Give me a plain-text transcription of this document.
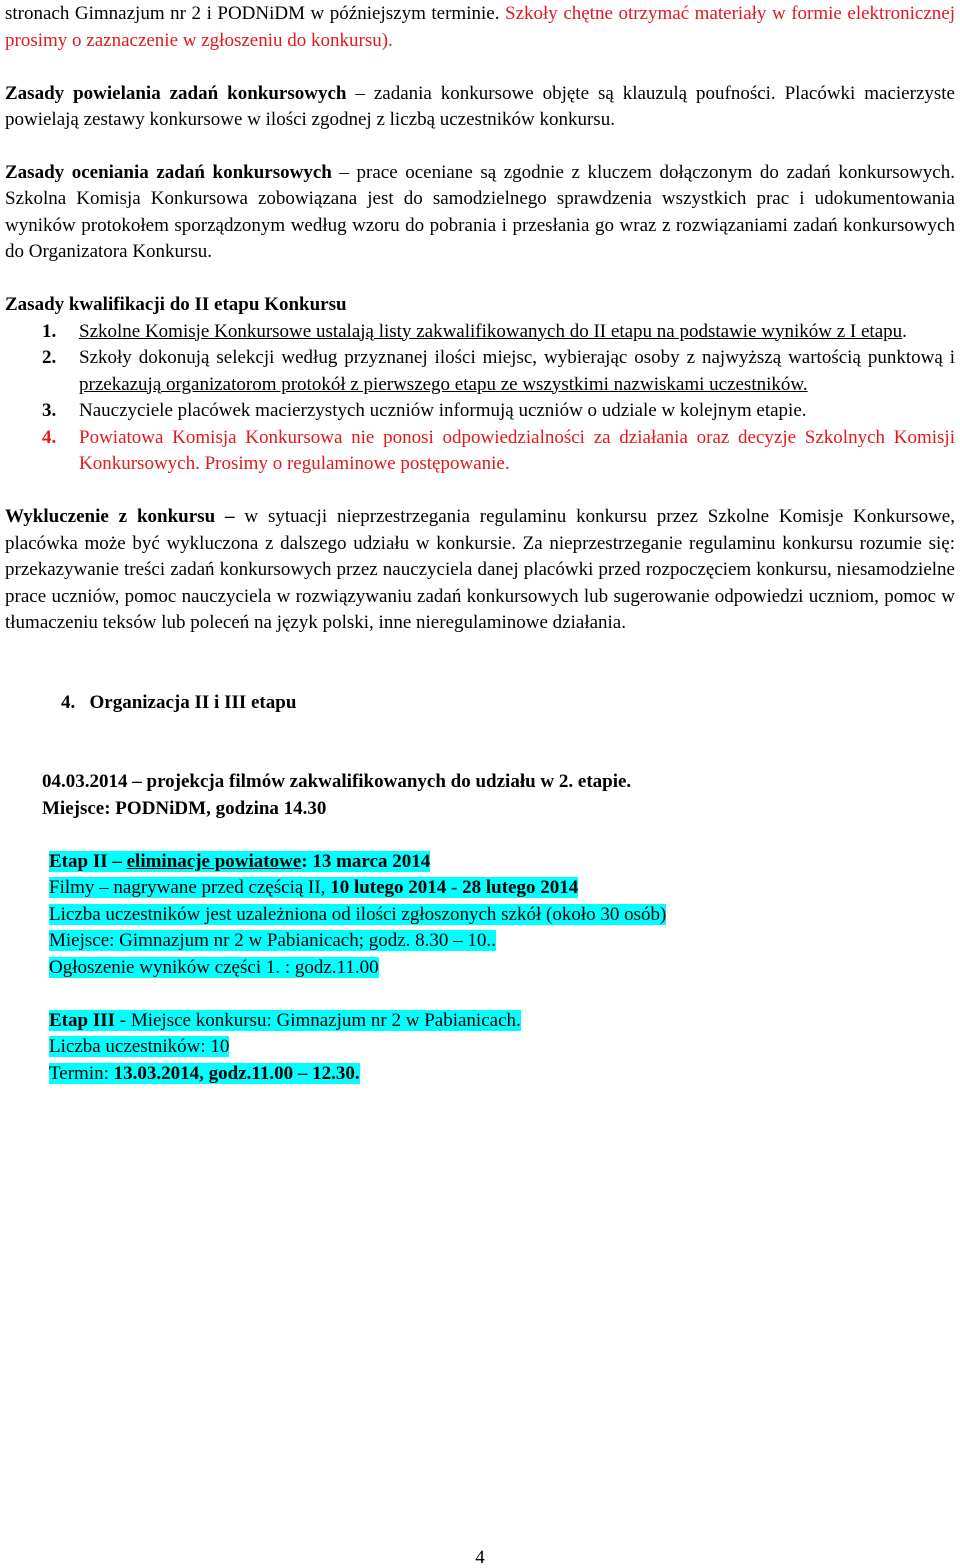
stronach Gimnazjum nr 2 i PODNiDM w późniejszym terminie. Szkoły chętne otrzymać materiały w formie elektronicznej prosimy o zaznaczenie w zgłoszeniu do konkursu).

Zasady powielania zadań konkursowych – zadania konkursowe objęte są klauzulą poufności. Placówki macierzyste powielają zestawy konkursowe w ilości zgodnej z liczbą uczestników konkursu.

Zasady oceniania zadań konkursowych – prace oceniane są zgodnie z kluczem dołączonym do zadań konkursowych. Szkolna Komisja Konkursowa zobowiązana jest do samodzielnego sprawdzenia wszystkich prac i udokumentowania wyników protokołem sporządzonym według wzoru do pobrania i przesłania go wraz z rozwiązaniami zadań konkursowych do Organizatora Konkursu.

Zasady kwalifikacji do II etapu Konkursu

1. Szkolne Komisje Konkursowe ustalają listy zakwalifikowanych do II etapu na podstawie wyników z I etapu.
2. Szkoły dokonują selekcji według przyznanej ilości miejsc, wybierając osoby z najwyższą wartością punktową i przekazują organizatorom protokół z pierwszego etapu ze wszystkimi nazwiskami uczestników.
3. Nauczyciele placówek macierzystych uczniów informują uczniów o udziale w kolejnym etapie.
4. Powiatowa Komisja Konkursowa nie ponosi odpowiedzialności za działania oraz decyzje Szkolnych Komisji Konkursowych. Prosimy o regulaminowe postępowanie.

Wykluczenie z konkursu – w sytuacji nieprzestrzegania regulaminu konkursu przez Szkolne Komisje Konkursowe, placówka może być wykluczona z dalszego udziału w konkursie. Za nieprzestrzeganie regulaminu konkursu rozumie się: przekazywanie treści zadań konkursowych przez nauczyciela danej placówki przed rozpoczęciem konkursu, niesamodzielne prace uczniów, pomoc nauczyciela w rozwiązywaniu zadań konkursowych lub sugerowanie odpowiedzi uczniom, pomoc w tłumaczeniu teksów lub poleceń na język polski, inne nieregulaminowe działania.

4.   Organizacja II i III etapu

04.03.2014 – projekcja filmów zakwalifikowanych do udziału w 2. etapie.

Miejsce: PODNiDM, godzina 14.30

Etap II – eliminacje powiatowe: 13 marca 2014
Filmy – nagrywane przed częścią II, 10 lutego 2014 - 28 lutego 2014
Liczba uczestników jest uzależniona od ilości zgłoszonych szkół (około 30 osób)
Miejsce: Gimnazjum nr 2 w Pabianicach; godz. 8.30 – 10..
Ogłoszenie wyników części 1. : godz.11.00
Etap III - Miejsce konkursu: Gimnazjum nr 2 w Pabianicach.
Liczba uczestników: 10
Termin: 13.03.2014, godz.11.00 – 12.30.
4
